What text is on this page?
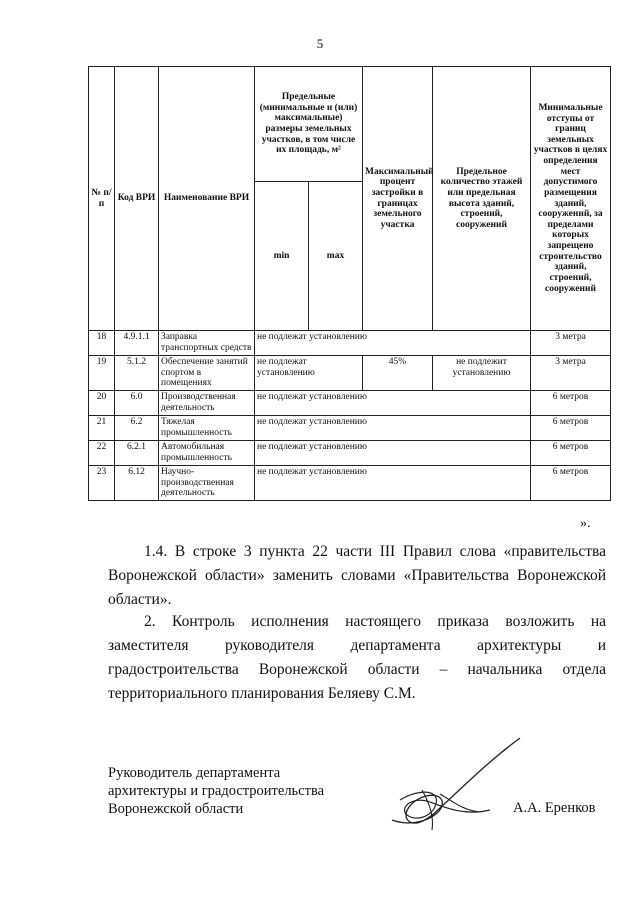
5
№ п/п	Код ВРИ	Наименование ВРИ	Предельные (минимальные и (или) максимальные) размеры земельных участков, в том числе их площадь, м²		Максимальный процент застройки в границах земельного участка	Предельное количество этажей или предельная высота зданий, строений, сооружений	Минимальные отступы от границ земельных участков в целях определения мест допустимого размещения зданий, сооружений, за пределами которых запрещено строительство зданий, строений, сооружений
			min	max			
18	4.9.1.1	Заправка транспортных средств	не подлежат установлению				3 метра
19	5.1.2	Обеспечение занятий спортом в помещениях	не подлежат установлению		45%	не подлежит установлению	3 метра
20	6.0	Производственная деятельность	не подлежат установлению				6 метров
21	6.2	Тяжелая промышленность	не подлежат установлению				6 метров
22	6.2.1	Автомобильная промышленность	не подлежат установлению				6 метров
23	6.12	Научно-производственная деятельность	не подлежат установлению				6 метров
».
1.4. В строке 3 пункта 22 части III Правил слова «правительства Воронежской области» заменить словами «Правительства Воронежской области».
2. Контроль исполнения настоящего приказа возложить на заместителя руководителя департамента архитектуры и градостроительства Воронежской области – начальника отдела территориального планирования Беляеву С.М.
Руководитель департамента
архитектуры и градостроительства
Воронежской области	А.А. Еренков
